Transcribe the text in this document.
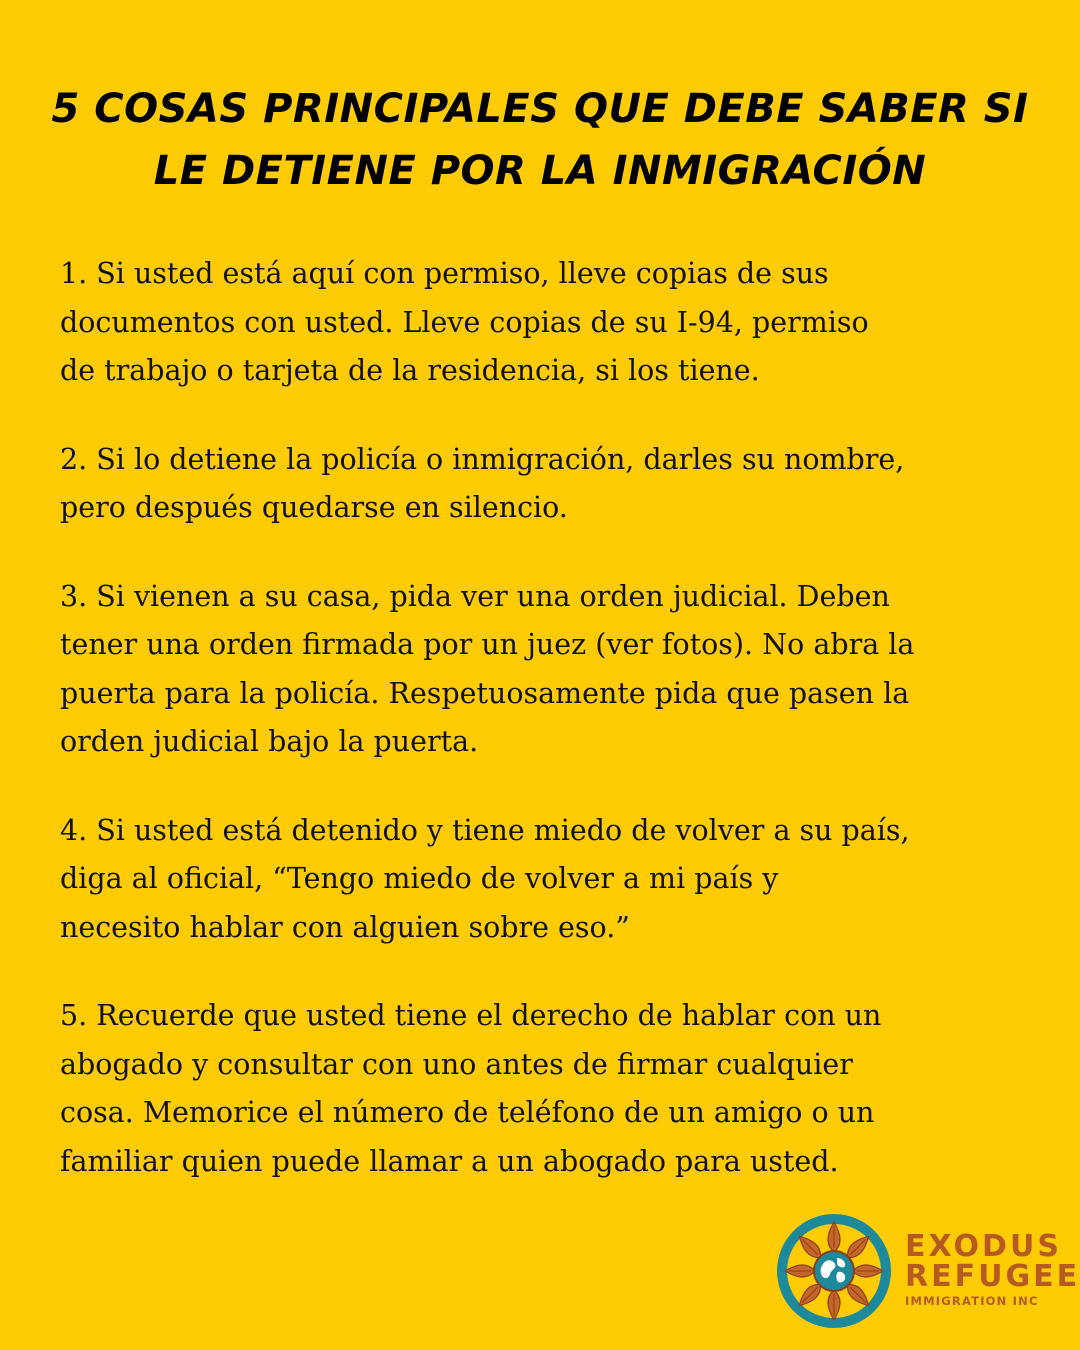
5 COSAS PRINCIPALES QUE DEBE SABER SI
LE DETIENE POR LA INMIGRACIÓN
1. Si usted está aquí con permiso, lleve copias de sus
documentos con usted. Lleve copias de su I-94, permiso
de trabajo o tarjeta de la residencia, si los tiene.
2. Si lo detiene la policía o inmigración, darles su nombre,
pero después quedarse en silencio.
3. Si vienen a su casa, pida ver una orden judicial. Deben
tener una orden firmada por un juez (ver fotos). No abra la
puerta para la policía. Respetuosamente pida que pasen la
orden judicial bajo la puerta.
4. Si usted está detenido y tiene miedo de volver a su país,
diga al oficial, “Tengo miedo de volver a mi país y
necesito hablar con alguien sobre eso.”
5. Recuerde que usted tiene el derecho de hablar con un
abogado y consultar con uno antes de firmar cualquier
cosa. Memorice el número de teléfono de un amigo o un
familiar quien puede llamar a un abogado para usted.
EXODUS
REFUGEE
IMMIGRATION INC
